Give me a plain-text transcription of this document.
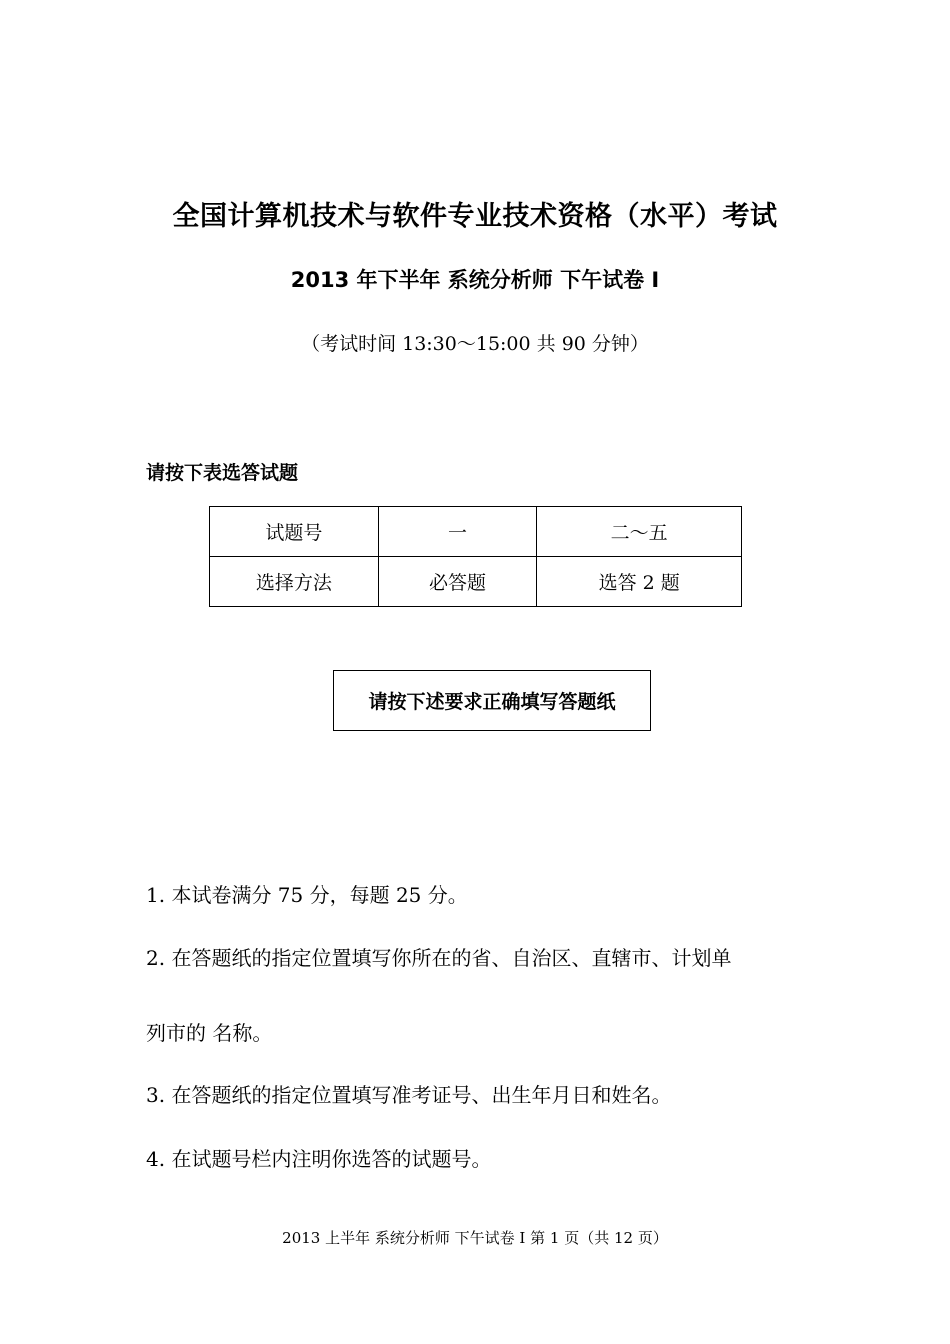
全国计算机技术与软件专业技术资格（水平）考试
2013 年下半年 系统分析师 下午试卷 I
（考试时间 13:30～15:00 共 90 分钟）
请按下表选答试题
试题号	一	二～五
选择方法	必答题	选答 2 题
请按下述要求正确填写答题纸
1. 本试卷满分 75 分，每题 25 分。
2. 在答题纸的指定位置填写你所在的省、自治区、直辖市、计划单
列市的 名称。
3. 在答题纸的指定位置填写准考证号、出生年月日和姓名。
4. 在试题号栏内注明你选答的试题号。
2013 上半年 系统分析师 下午试卷 I 第 1 页（共 12 页）
